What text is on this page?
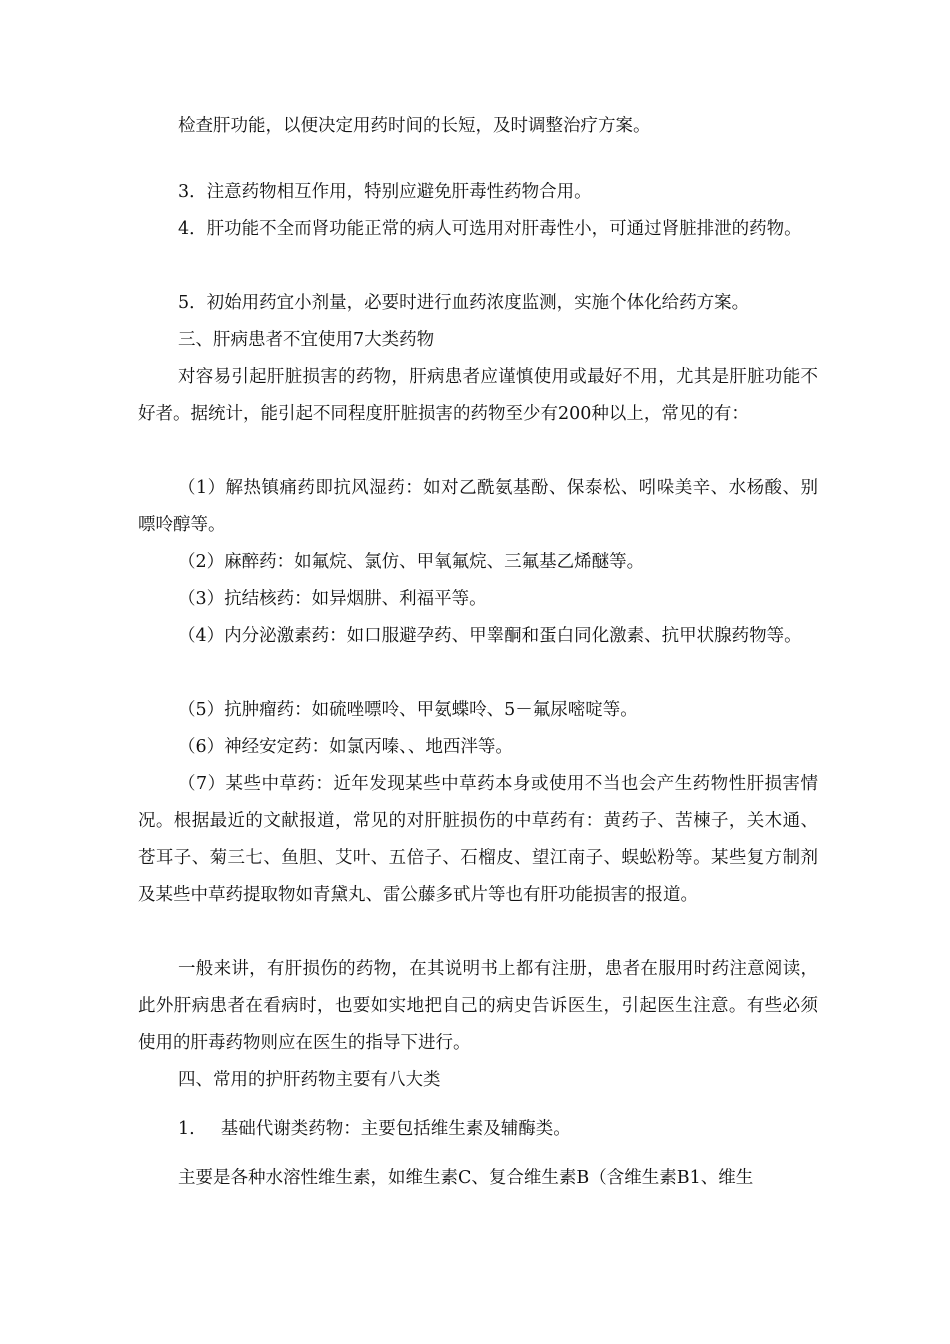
检查肝功能，以便决定用药时间的长短，及时调整治疗方案。

3．注意药物相互作用，特别应避免肝毒性药物合用。

4．肝功能不全而肾功能正常的病人可选用对肝毒性小，可通过肾脏排泄的药物。

5．初始用药宜小剂量，必要时进行血药浓度监测，实施个体化给药方案。

三、肝病患者不宜使用7大类药物

对容易引起肝脏损害的药物，肝病患者应谨慎使用或最好不用，尤其是肝脏功能不好者。据统计，能引起不同程度肝脏损害的药物至少有200种以上，常见的有：

（1）解热镇痛药即抗风湿药：如对乙酰氨基酚、保泰松、吲哚美辛、水杨酸、别嘌呤醇等。

（2）麻醉药：如氟烷、氯仿、甲氧氟烷、三氟基乙烯醚等。

（3）抗结核药：如异烟肼、利福平等。

（4）内分泌激素药：如口服避孕药、甲睾酮和蛋白同化激素、抗甲状腺药物等。

（5）抗肿瘤药：如硫唑嘌呤、甲氨蝶呤、5－氟尿嘧啶等。

（6）神经安定药：如氯丙嗪、、地西泮等。

（7）某些中草药：近年发现某些中草药本身或使用不当也会产生药物性肝损害情况。根据最近的文献报道，常见的对肝脏损伤的中草药有：黄药子、苦楝子，关木通、苍耳子、菊三七、鱼胆、艾叶、五倍子、石榴皮、望江南子、蜈蚣粉等。某些复方制剂及某些中草药提取物如青黛丸、雷公藤多甙片等也有肝功能损害的报道。

一般来讲，有肝损伤的药物，在其说明书上都有注册，患者在服用时药注意阅读，此外肝病患者在看病时，也要如实地把自己的病史告诉医生，引起医生注意。有些必须使用的肝毒药物则应在医生的指导下进行。

四、常用的护肝药物主要有八大类

1. 基础代谢类药物：主要包括维生素及辅酶类。

主要是各种水溶性维生素，如维生素C、复合维生素B（含维生素B1、维生
